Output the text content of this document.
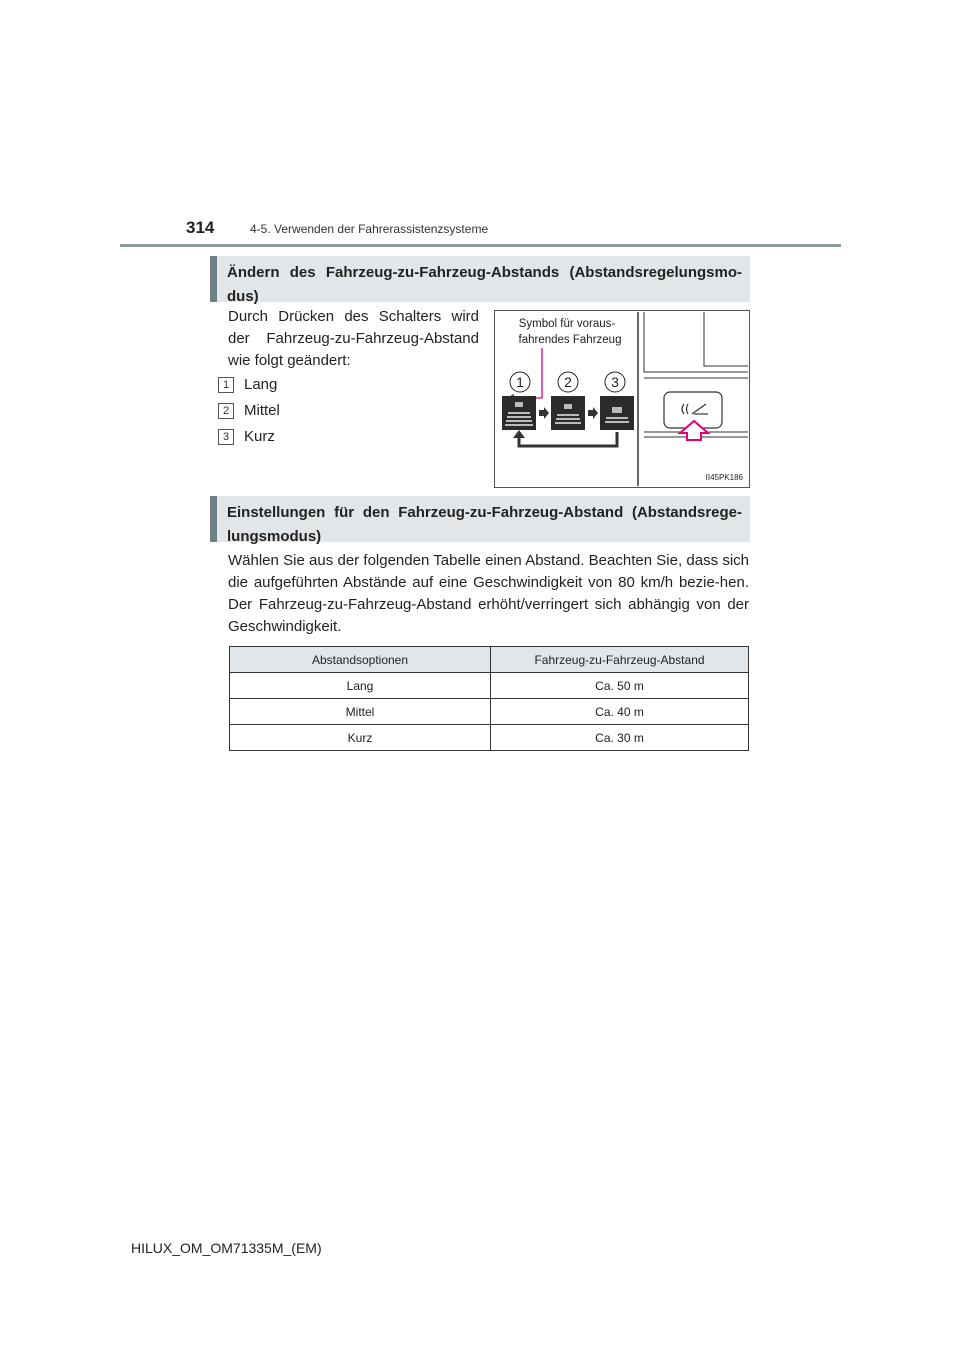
314	4-5. Verwenden der Fahrerassistenzsysteme
Ändern des Fahrzeug-zu-Fahrzeug-Abstands (Abstandsregelungsmo-dus)
Durch Drücken des Schalters wird der Fahrzeug-zu-Fahrzeug-Abstand wie folgt geändert:
1 Lang
2 Mittel
3 Kurz
Symbol für voraus-
fahrendes Fahrzeug
1	2	3
II45PK186
Einstellungen für den Fahrzeug-zu-Fahrzeug-Abstand (Abstandsrege-lungsmodus)
Wählen Sie aus der folgenden Tabelle einen Abstand. Beachten Sie, dass sich die aufgeführten Abstände auf eine Geschwindigkeit von 80 km/h bezie-hen. Der Fahrzeug-zu-Fahrzeug-Abstand erhöht/verringert sich abhängig von der Geschwindigkeit.
Abstandsoptionen	Fahrzeug-zu-Fahrzeug-Abstand
Lang	Ca. 50 m
Mittel	Ca. 40 m
Kurz	Ca. 30 m
HILUX_OM_OM71335M_(EM)
